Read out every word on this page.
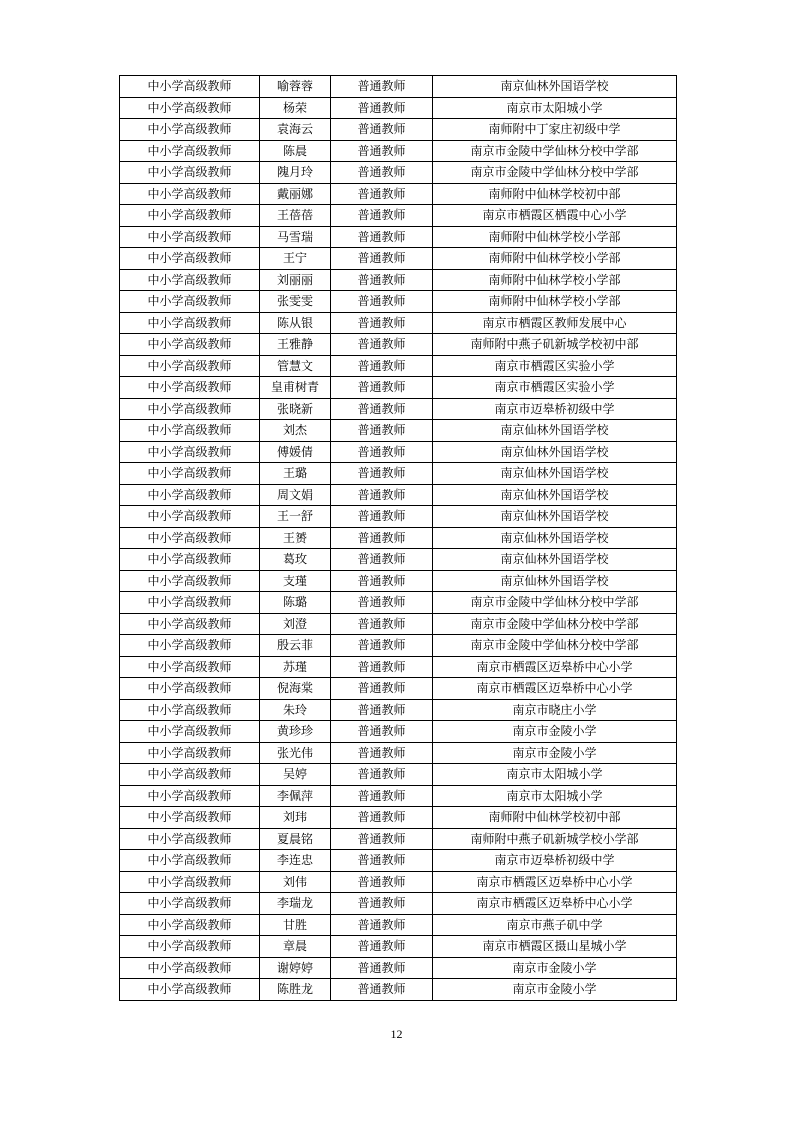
中小学高级教师	喻蓉蓉	普通教师	南京仙林外国语学校
中小学高级教师	杨荣	普通教师	南京市太阳城小学
中小学高级教师	袁海云	普通教师	南师附中丁家庄初级中学
中小学高级教师	陈晨	普通教师	南京市金陵中学仙林分校中学部
中小学高级教师	隗月玲	普通教师	南京市金陵中学仙林分校中学部
中小学高级教师	戴丽娜	普通教师	南师附中仙林学校初中部
中小学高级教师	王蓓蓓	普通教师	南京市栖霞区栖霞中心小学
中小学高级教师	马雪瑞	普通教师	南师附中仙林学校小学部
中小学高级教师	王宁	普通教师	南师附中仙林学校小学部
中小学高级教师	刘丽丽	普通教师	南师附中仙林学校小学部
中小学高级教师	张雯雯	普通教师	南师附中仙林学校小学部
中小学高级教师	陈从银	普通教师	南京市栖霞区教师发展中心
中小学高级教师	王雅静	普通教师	南师附中燕子矶新城学校初中部
中小学高级教师	管慧文	普通教师	南京市栖霞区实验小学
中小学高级教师	皇甫树青	普通教师	南京市栖霞区实验小学
中小学高级教师	张晓新	普通教师	南京市迈皋桥初级中学
中小学高级教师	刘杰	普通教师	南京仙林外国语学校
中小学高级教师	傅媛倩	普通教师	南京仙林外国语学校
中小学高级教师	王璐	普通教师	南京仙林外国语学校
中小学高级教师	周文娟	普通教师	南京仙林外国语学校
中小学高级教师	王一舒	普通教师	南京仙林外国语学校
中小学高级教师	王赟	普通教师	南京仙林外国语学校
中小学高级教师	葛玫	普通教师	南京仙林外国语学校
中小学高级教师	支瑾	普通教师	南京仙林外国语学校
中小学高级教师	陈璐	普通教师	南京市金陵中学仙林分校中学部
中小学高级教师	刘澄	普通教师	南京市金陵中学仙林分校中学部
中小学高级教师	殷云菲	普通教师	南京市金陵中学仙林分校中学部
中小学高级教师	苏瑾	普通教师	南京市栖霞区迈皋桥中心小学
中小学高级教师	倪海棠	普通教师	南京市栖霞区迈皋桥中心小学
中小学高级教师	朱玲	普通教师	南京市晓庄小学
中小学高级教师	黄珍珍	普通教师	南京市金陵小学
中小学高级教师	张光伟	普通教师	南京市金陵小学
中小学高级教师	吴婷	普通教师	南京市太阳城小学
中小学高级教师	李佩萍	普通教师	南京市太阳城小学
中小学高级教师	刘玮	普通教师	南师附中仙林学校初中部
中小学高级教师	夏晨铭	普通教师	南师附中燕子矶新城学校小学部
中小学高级教师	李连忠	普通教师	南京市迈皋桥初级中学
中小学高级教师	刘伟	普通教师	南京市栖霞区迈皋桥中心小学
中小学高级教师	李瑞龙	普通教师	南京市栖霞区迈皋桥中心小学
中小学高级教师	甘胜	普通教师	南京市燕子矶中学
中小学高级教师	章晨	普通教师	南京市栖霞区摄山星城小学
中小学高级教师	谢婷婷	普通教师	南京市金陵小学
中小学高级教师	陈胜龙	普通教师	南京市金陵小学
12
